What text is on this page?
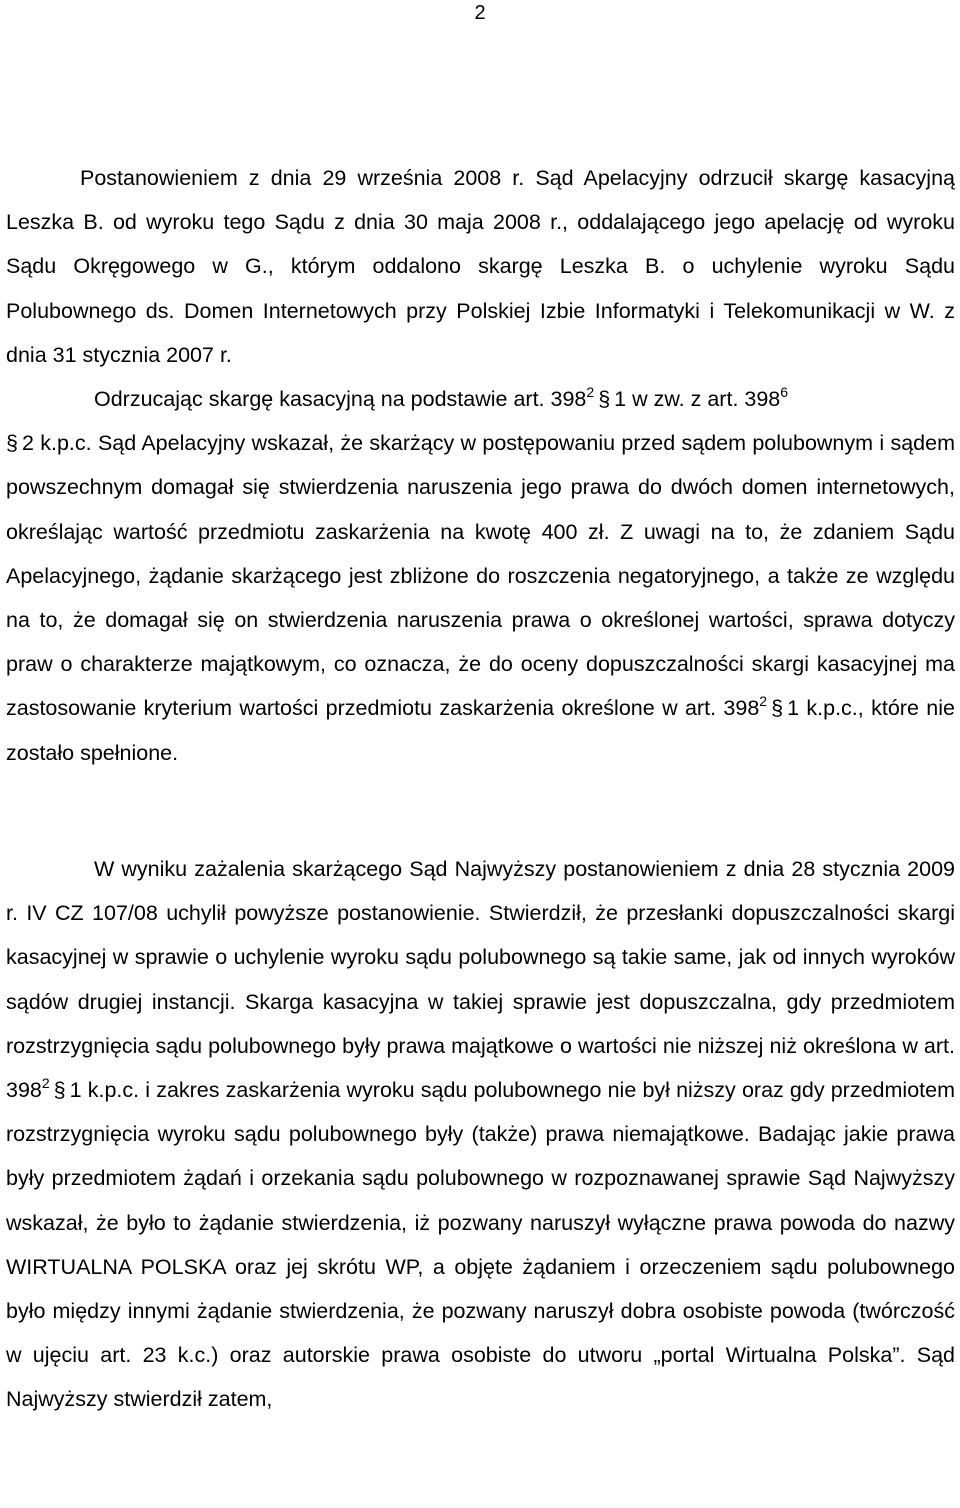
2

Postanowieniem z dnia 29 września 2008 r. Sąd Apelacyjny odrzucił skargę kasacyjną Leszka B. od wyroku tego Sądu z dnia 30 maja 2008 r., oddalającego jego apelację od wyroku Sądu Okręgowego w G., którym oddalono skargę Leszka B. o uchylenie wyroku Sądu Polubownego ds. Domen Internetowych przy Polskiej Izbie Informatyki i Telekomunikacji w W. z dnia 31 stycznia 2007 r.

Odrzucając skargę kasacyjną na podstawie art. $398^2$ § 1 w zw. z art. $398^6$
§ 2 k.p.c. Sąd Apelacyjny wskazał, że skarżący w postępowaniu przed sądem polubownym i sądem powszechnym domagał się stwierdzenia naruszenia jego prawa do dwóch domen internetowych, określając wartość przedmiotu zaskarżenia na kwotę 400 zł. Z uwagi na to, że zdaniem Sądu Apelacyjnego, żądanie skarżącego jest zbliżone do roszczenia negatoryjnego, a także ze względu na to, że domagał się on stwierdzenia naruszenia prawa o określonej wartości, sprawa dotyczy praw o charakterze majątkowym, co oznacza, że do oceny dopuszczalności skargi kasacyjnej ma zastosowanie kryterium wartości przedmiotu zaskarżenia określone w art. $398^2$ § 1 k.p.c., które nie zostało spełnione.

W wyniku zażalenia skarżącego Sąd Najwyższy postanowieniem z dnia 28 stycznia 2009 r. IV CZ 107/08 uchylił powyższe postanowienie. Stwierdził, że przesłanki dopuszczalności skargi kasacyjnej w sprawie o uchylenie wyroku sądu polubownego są takie same, jak od innych wyroków sądów drugiej instancji. Skarga kasacyjna w takiej sprawie jest dopuszczalna, gdy przedmiotem rozstrzygnięcia sądu polubownego były prawa majątkowe o wartości nie niższej niż określona w art. $398^2$ § 1 k.p.c. i zakres zaskarżenia wyroku sądu polubownego nie był niższy oraz gdy przedmiotem rozstrzygnięcia wyroku sądu polubownego były (także) prawa niemajątkowe. Badając jakie prawa były przedmiotem żądań i orzekania sądu polubownego w rozpoznawanej sprawie Sąd Najwyższy wskazał, że było to żądanie stwierdzenia, iż pozwany naruszył wyłączne prawa powoda do nazwy WIRTUALNA POLSKA oraz jej skrótu WP, a objęte żądaniem i orzeczeniem sądu polubownego było między innymi żądanie stwierdzenia, że pozwany naruszył dobra osobiste powoda (twórczość w ujęciu art. 23 k.c.) oraz autorskie prawa osobiste do utworu „portal Wirtualna Polska”. Sąd Najwyższy stwierdził zatem,
